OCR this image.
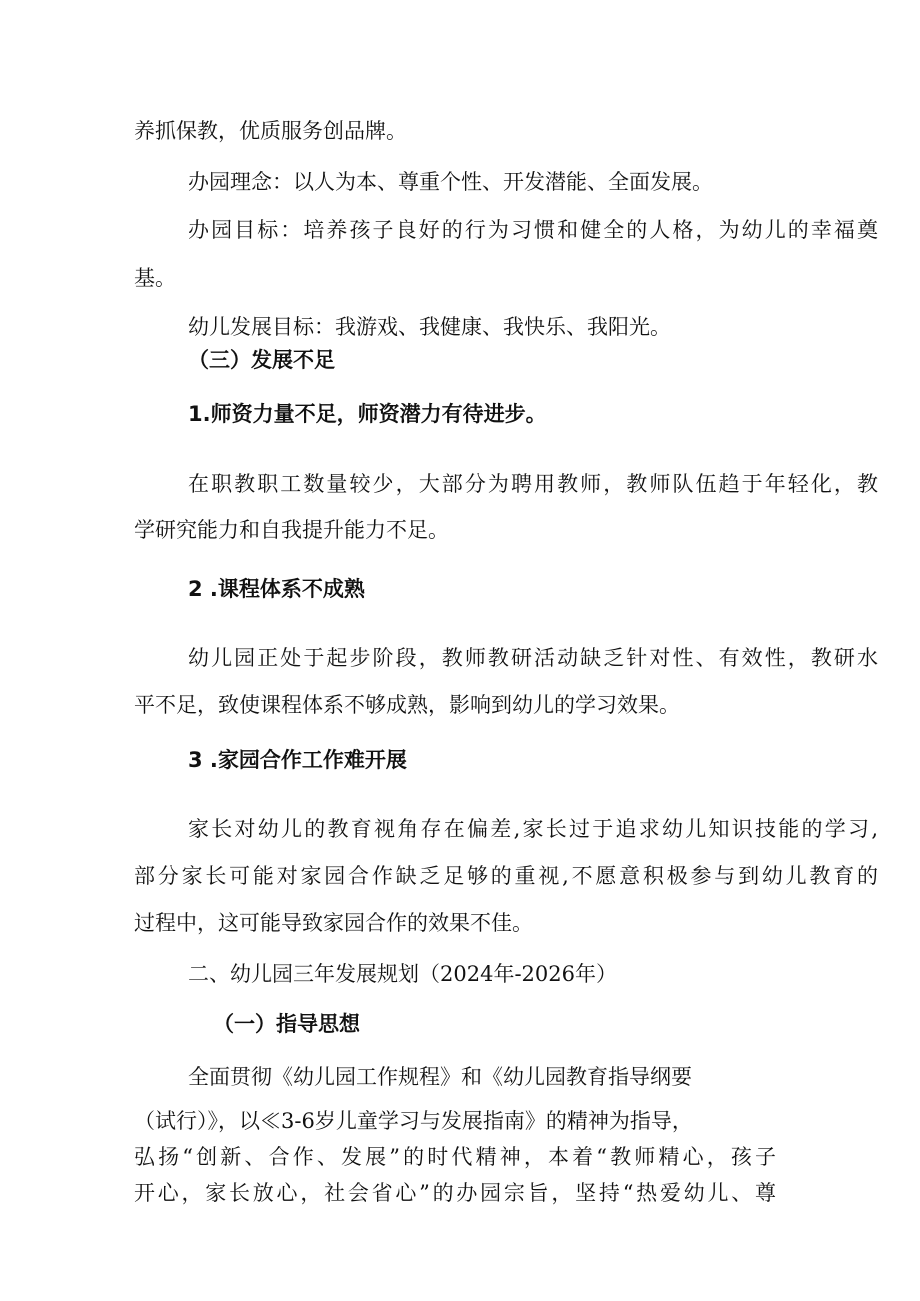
养抓保教，优质服务创品牌。
办园理念：以人为本、尊重个性、开发潜能、全面发展。
办园目标：培养孩子良好的行为习惯和健全的人格，为幼儿的幸福奠
基。
幼儿发展目标：我游戏、我健康、我快乐、我阳光。
（三）发展不足
1.师资力量不足，师资潜力有待进步。
在职教职工数量较少，大部分为聘用教师，教师队伍趋于年轻化，教
学研究能力和自我提升能力不足。
2 .课程体系不成熟
幼儿园正处于起步阶段，教师教研活动缺乏针对性、有效性，教研水
平不足，致使课程体系不够成熟，影响到幼儿的学习效果。
3 .家园合作工作难开展
家长对幼儿的教育视角存在偏差,家长过于追求幼儿知识技能的学习,
部分家长可能对家园合作缺乏足够的重视,不愿意积极参与到幼儿教育的
过程中，这可能导致家园合作的效果不佳。
二、幼儿园三年发展规划（2024年-2026年）
（一）指导思想
全面贯彻《幼儿园工作规程》和《幼儿园教育指导纲要
（试行）》，以≪3-6岁儿童学习与发展指南》的精神为指导，
弘扬“创新、合作、发展”的时代精神，本着“教师精心，孩子
开心，家长放心，社会省心”的办园宗旨，坚持“热爱幼儿、尊
